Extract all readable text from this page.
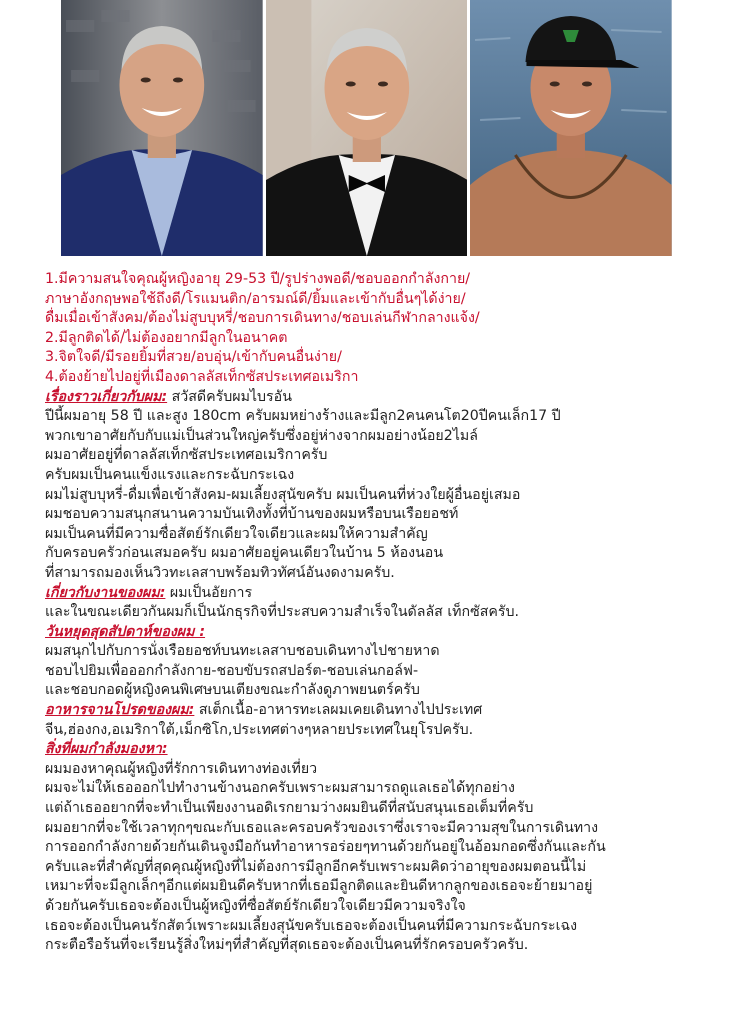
1.มีความสนใจคุณผู้หญิงอายุ 29-53 ปี/รูปร่างพอดี/ชอบออกกำลังกาย/
ภาษาอังกฤษพอใช้ถึงดี/โรแมนติก/อารมณ์ดี/ยิ้มและเข้ากับอื่นๆได้ง่าย/
ดื่มเมื่อเข้าสังคม/ต้องไม่สูบบุหรี่/ชอบการเดินทาง/ชอบเล่นกีฬากลางแจ้ง/
2.มีลูกติดได้/ไม่ต้องอยากมีลูกในอนาคต
3.จิตใจดี/มีรอยยิ้มที่สวย/อบอุ่น/เข้ากับคนอื่นง่าย/
4.ต้องย้ายไปอยู่ที่เมืองดาลลัสเท็กซัสประเทศอเมริกา
เรื่องราวเกี่ยวกับผม: สวัสดีครับผมไบรอัน
ปีนี้ผมอายุ 58 ปี และสูง 180cm ครับผมหย่างร้างและมีลูก2คนคนโต20ปีคนเล็ก17 ปี
พวกเขาอาศัยกับกับแม่เป็นส่วนใหญ่ครับซึ่งอยู่ห่างจากผมอย่างน้อย2ไมล์
ผมอาศัยอยู่ที่ดาลลัสเท็กซัสประเทศอเมริกาครับ
ครับผมเป็นคนแข็งแรงและกระฉับกระเฉง
ผมไม่สูบบุหรี่-ดื่มเพื่อเข้าสังคม-ผมเลี้ยงสุนัขครับ ผมเป็นคนที่ห่วงใยผู้อื่นอยู่เสมอ
ผมชอบความสนุกสนานความบันเทิงทั้งที่บ้านของผมหรือบนเรือยอชท์
ผมเป็นคนที่มีความซื่อสัตย์รักเดียวใจเดียวและผมให้ความสำคัญ
กับครอบครัวก่อนเสมอครับ ผมอาศัยอยู่คนเดียวในบ้าน 5 ห้องนอน
ที่สามารถมองเห็นวิวทะเลสาบพร้อมทิวทัศน์อันงดงามครับ.
เกี่ยวกับงานของผม: ผมเป็นอัยการ
และในขณะเดียวกันผมก็เป็นนักธุรกิจที่ประสบความสำเร็จในดัลลัส เท็กซัสครับ.
วันหยุดสุดสัปดาห์ของผม :
ผมสนุกไปกับการนั่งเรือยอชท์บนทะเลสาบชอบเดินทางไปชายหาด
ชอบไปยิมเพื่อออกกำลังกาย-ชอบขับรถสปอร์ต-ชอบเล่นกอล์ฟ-
และชอบกอดผู้หญิงคนพิเศษบนเตียงขณะกำลังดูภาพยนตร์ครับ
อาหารจานโปรดของผม: สเต็กเนื้อ-อาหารทะเลผมเคยเดินทางไปประเทศ
จีน,ฮ่องกง,อเมริกาใต้,เม็กซิโก,ประเทศต่างๆหลายประเทศในยุโรปครับ.
สิ่งที่ผมกำลังมองหา:
ผมมองหาคุณผู้หญิงที่รักการเดินทางท่องเที่ยว
ผมจะไม่ให้เธอออกไปทำงานข้างนอกครับเพราะผมสามารถดูแลเธอได้ทุกอย่าง
แต่ถ้าเธออยากที่จะทำเป็นเพียงงานอดิเรกยามว่างผมยินดีที่สนับสนุนเธอเต็มที่ครับ
ผมอยากที่จะใช้เวลาทุกๆขณะกับเธอและครอบครัวของเราซึ่งเราจะมีความสุขในการเดินทาง
การออกกำลังกายด้วยกันเดินจูงมือกันทำอาหารอร่อยๆทานด้วยกันอยู่ในอ้อมกอดซึ่งกันและกัน
ครับและที่สำคัญที่สุดคุณผู้หญิงที่ไม่ต้องการมีลูกอีกครับเพราะผมคิดว่าอายุของผมตอนนี้ไม่
เหมาะที่จะมีลูกเล็กๆอีกแต่ผมยินดีครับหากที่เธอมีลูกติดและยินดีหากลูกของเธอจะย้ายมาอยู่
ด้วยกันครับเธอจะต้องเป็นผู้หญิงที่ซื่อสัตย์รักเดียวใจเดียวมีความจริงใจ
เธอจะต้องเป็นคนรักสัตว์เพราะผมเลี้ยงสุนัขครับเธอจะต้องเป็นคนที่มีความกระฉับกระเฉง
กระตือรือร้นที่จะเรียนรู้สิ่งใหม่ๆที่สำคัญที่สุดเธอจะต้องเป็นคนที่รักครอบครัวครับ.
